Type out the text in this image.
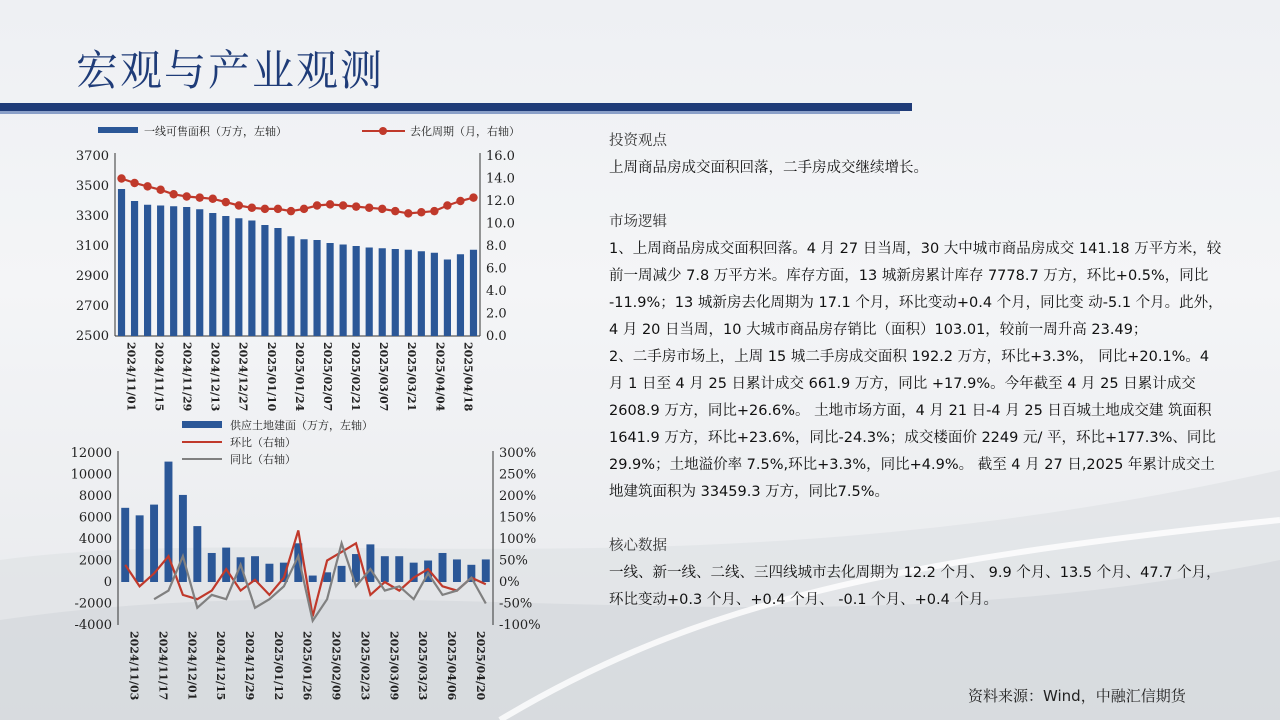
宏观与产业观测
一线可售面积（万方，左轴）	去化周期（月，右轴）
2500
2700
2900
3100
3300
3500
3700
0.0
2.0
4.0
6.0
8.0
10.0
12.0
14.0
16.0
2024/11/01 2024/11/15 2024/11/29 2024/12/13 2024/12/27 2025/01/10 2025/01/24 2025/02/07 2025/02/21 2025/03/07 2025/03/21 2025/04/04 2025/04/18
供应土地建面（万方，左轴）
环比（右轴）
同比（右轴）
-4000
-2000
0
2000
4000
6000
8000
10000
12000
-100%
-50%
0%
50%
100%
150%
200%
250%
300%
2024/11/03 2024/11/17 2024/12/01 2024/12/15 2024/12/29 2025/01/12 2025/01/26 2025/02/09 2025/02/23 2025/03/09 2025/03/23 2025/04/06 2025/04/20

投资观点

上周商品房成交面积回落，二手房成交继续增长。

市场逻辑

1、上周商品房成交面积回落。4 月 27 日当周，30 大中城市商品房成交 141.18 万平方米，较前一周减少 7.8 万平方米。库存方面，13 城新房累计库存 7778.7 万方，环比+0.5%，同比 -11.9%；13 城新房去化周期为 17.1 个月，环比变动+0.4 个月，同比变 动-5.1 个月。此外，4 月 20 日当周，10 大城市商品房存销比（面积）103.01，较前一周升高 23.49；

2、二手房市场上，上周 15 城二手房成交面积 192.2 万方，环比+3.3%， 同比+20.1%。4 月 1 日至 4 月 25 日累计成交 661.9 万方，同比 +17.9%。今年截至 4 月 25 日累计成交 2608.9 万方，同比+26.6%。 土地市场方面，4 月 21 日-4 月 25 日百城土地成交建 筑面积 1641.9 万方，环比+23.6%，同比-24.3%；成交楼面价 2249 元/ 平，环比+177.3%、同比 29.9%；土地溢价率 7.5%,环比+3.3%，同比+4.9%。 截至 4 月 27 日,2025 年累计成交土地建筑面积为 33459.3 万方，同比7.5%。

核心数据

一线、新一线、二线、三四线城市去化周期为 12.2 个月、 9.9 个月、13.5 个月、47.7 个月，环比变动+0.3 个月、+0.4 个月、 -0.1 个月、+0.4 个月。

资料来源：Wind，中融汇信期货
